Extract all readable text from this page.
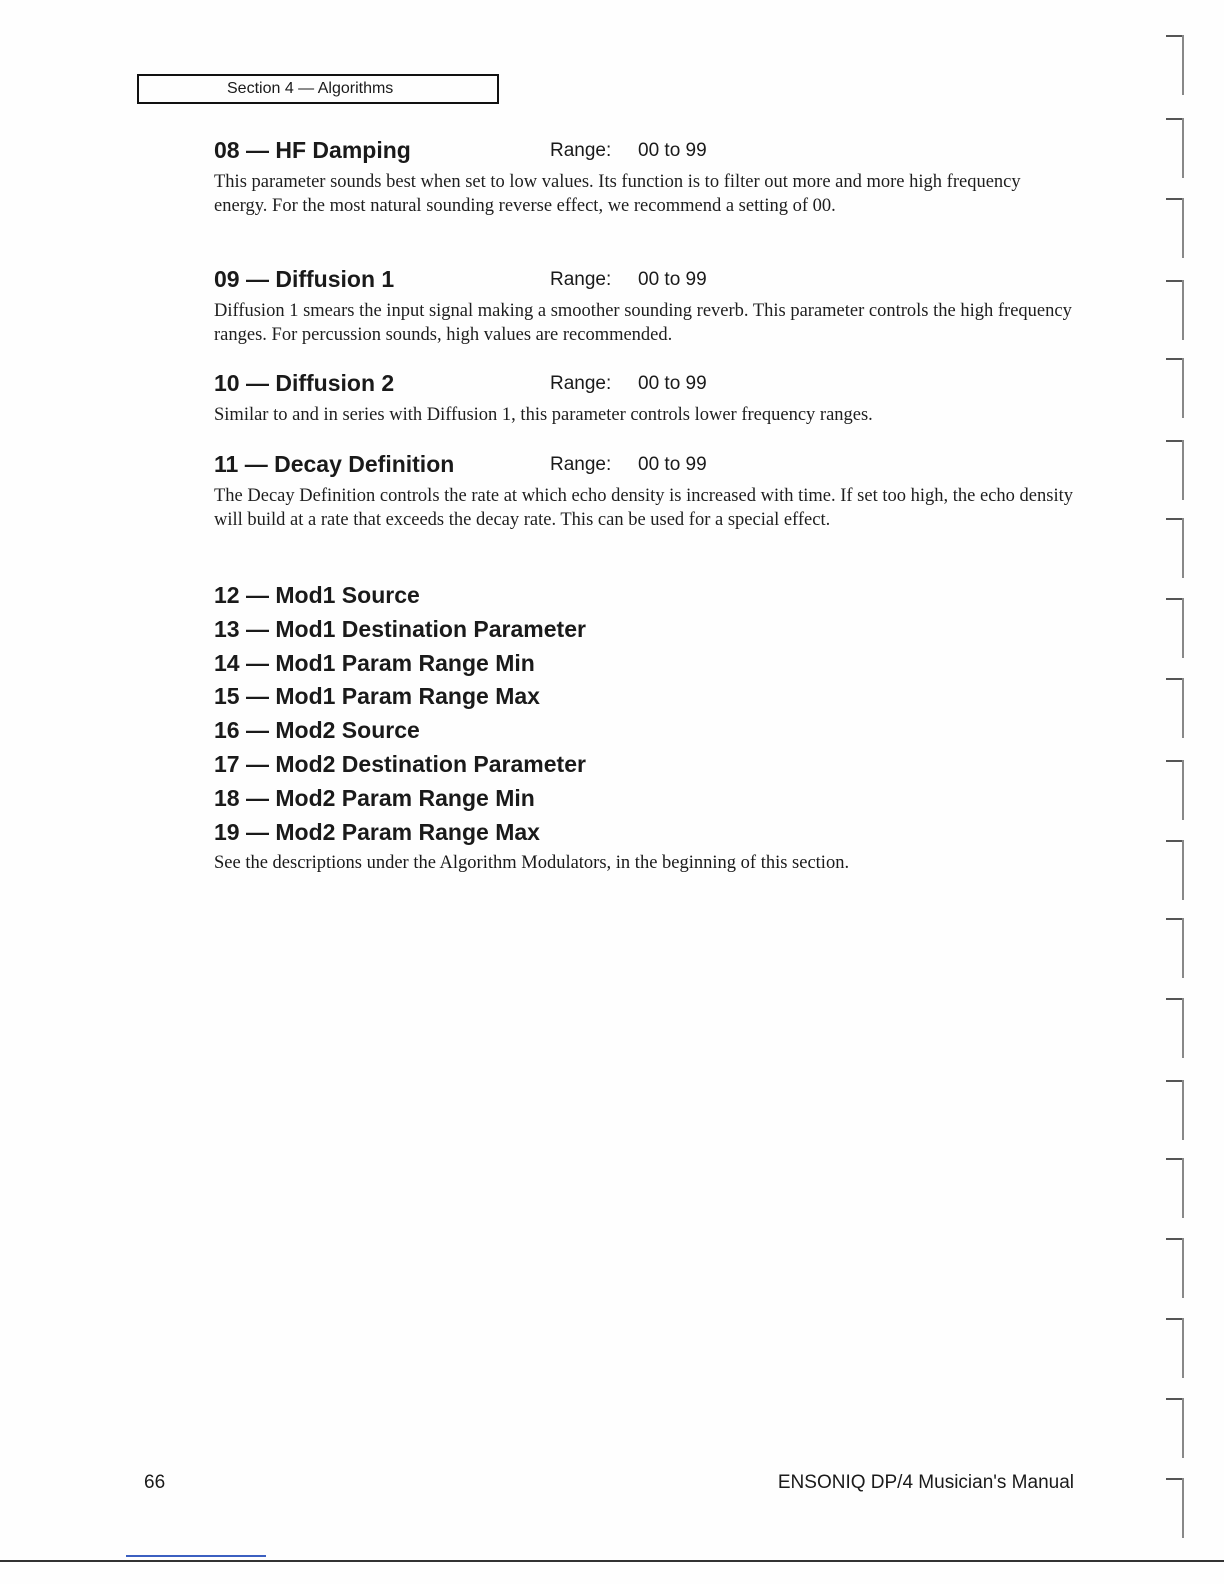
Section 4 — Algorithms
08 — HF Damping	Range: 00 to 99

This parameter sounds best when set to low values. Its function is to filter out more and more high frequency energy. For the most natural sounding reverse effect, we recommend a setting of 00.

09 — Diffusion 1	Range: 00 to 99

Diffusion 1 smears the input signal making a smoother sounding reverb. This parameter controls the high frequency ranges. For percussion sounds, high values are recommended.

10 — Diffusion 2	Range: 00 to 99

Similar to and in series with Diffusion 1, this parameter controls lower frequency ranges.

11 — Decay Definition	Range: 00 to 99

The Decay Definition controls the rate at which echo density is increased with time. If set too high, the echo density will build at a rate that exceeds the decay rate. This can be used for a special effect.

12 — Mod1 Source
13 — Mod1 Destination Parameter
14 — Mod1 Param Range Min
15 — Mod1 Param Range Max
16 — Mod2 Source
17 — Mod2 Destination Parameter
18 — Mod2 Param Range Min
19 — Mod2 Param Range Max

See the descriptions under the Algorithm Modulators, in the beginning of this section.

66	ENSONIQ DP/4 Musician's Manual
